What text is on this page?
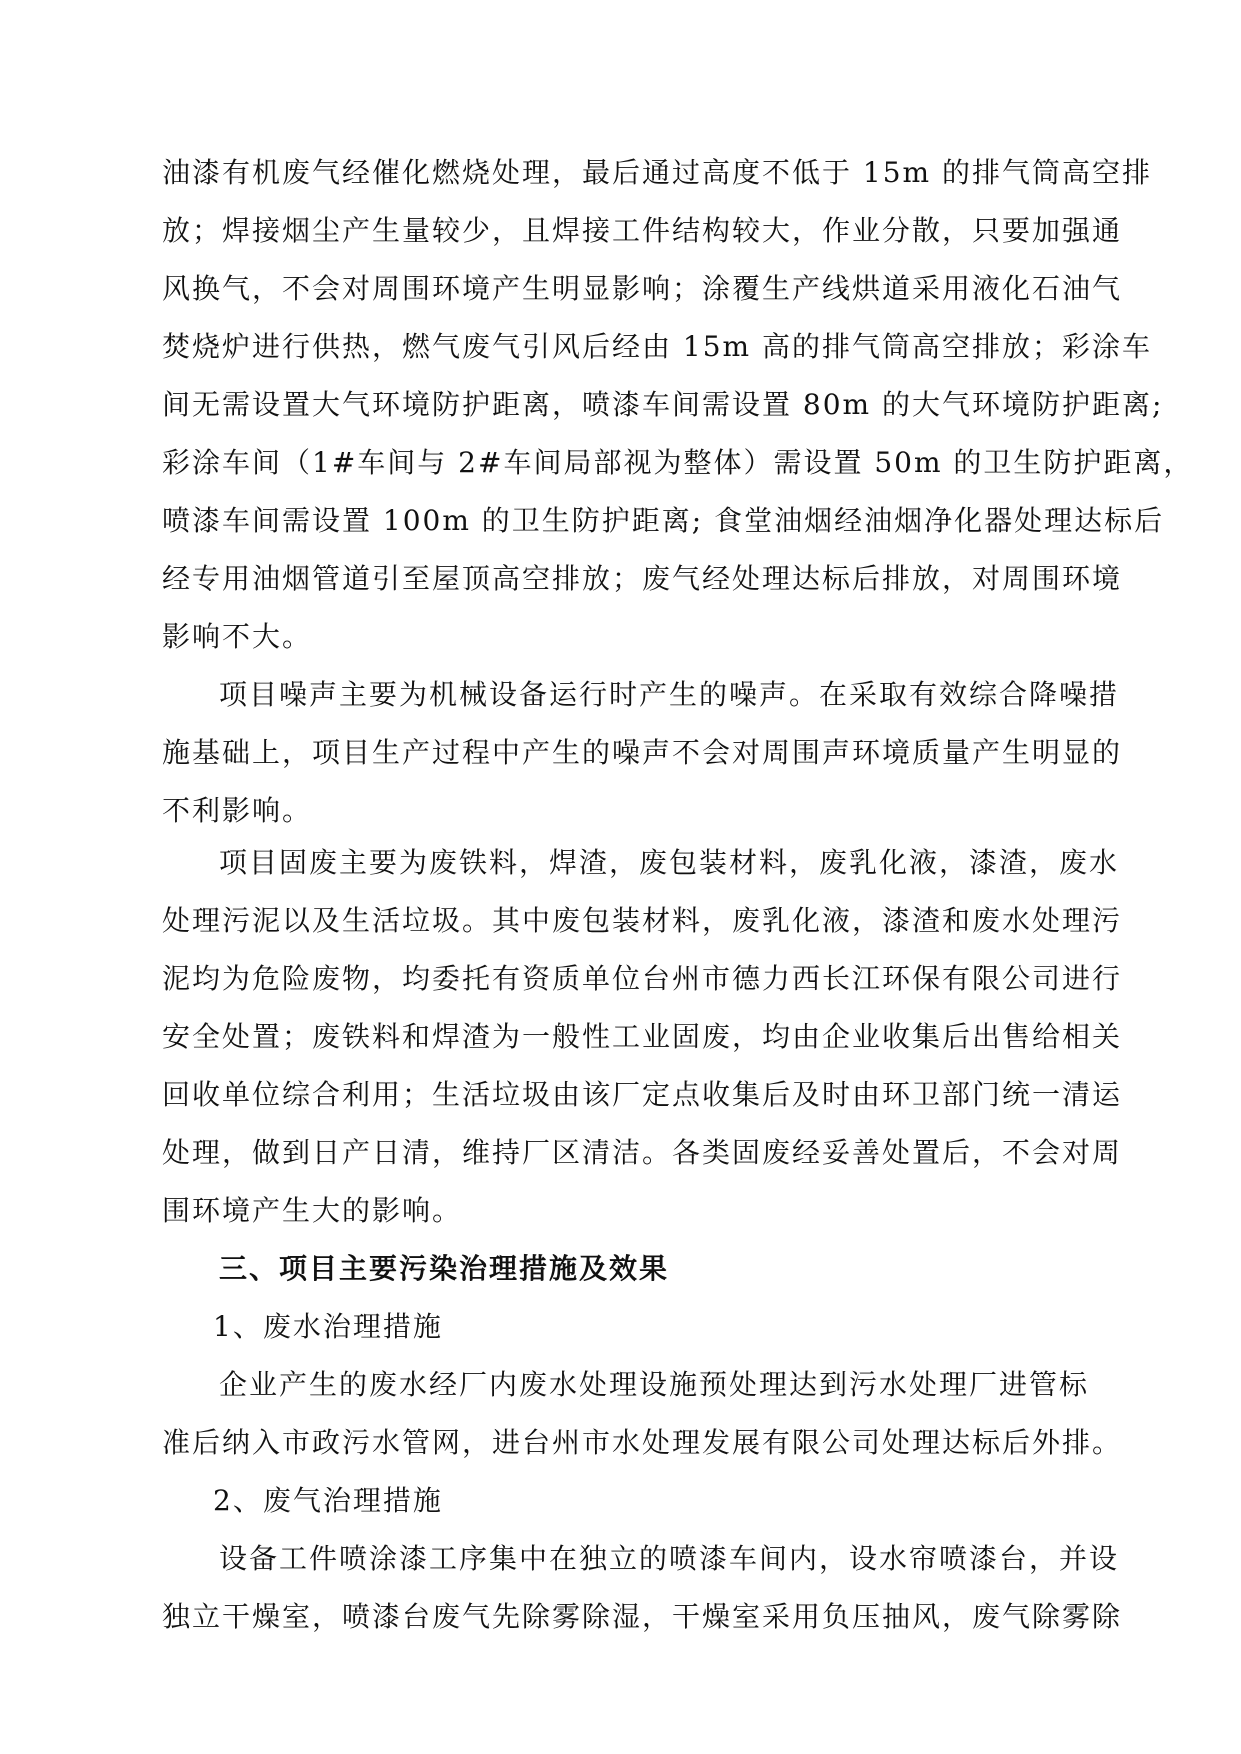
油漆有机废气经催化燃烧处理，最后通过高度不低于 15m 的排气筒高空排
放；焊接烟尘产生量较少，且焊接工件结构较大，作业分散，只要加强通
风换气，不会对周围环境产生明显影响；涂覆生产线烘道采用液化石油气
焚烧炉进行供热，燃气废气引风后经由 15m 高的排气筒高空排放；彩涂车
间无需设置大气环境防护距离，喷漆车间需设置 80m 的大气环境防护距离;
彩涂车间（1#车间与 2#车间局部视为整体）需设置 50m 的卫生防护距离，
喷漆车间需设置 100m 的卫生防护距离; 食堂油烟经油烟净化器处理达标后
经专用油烟管道引至屋顶高空排放；废气经处理达标后排放，对周围环境
影响不大。
项目噪声主要为机械设备运行时产生的噪声。在采取有效综合降噪措
施基础上，项目生产过程中产生的噪声不会对周围声环境质量产生明显的
不利影响。
项目固废主要为废铁料，焊渣，废包装材料，废乳化液，漆渣，废水
处理污泥以及生活垃圾。其中废包装材料，废乳化液，漆渣和废水处理污
泥均为危险废物，均委托有资质单位台州市德力西长江环保有限公司进行
安全处置；废铁料和焊渣为一般性工业固废，均由企业收集后出售给相关
回收单位综合利用；生活垃圾由该厂定点收集后及时由环卫部门统一清运
处理，做到日产日清，维持厂区清洁。各类固废经妥善处置后，不会对周
围环境产生大的影响。
三、项目主要污染治理措施及效果
1、废水治理措施
企业产生的废水经厂内废水处理设施预处理达到污水处理厂进管标
准后纳入市政污水管网，进台州市水处理发展有限公司处理达标后外排。
2、废气治理措施
设备工件喷涂漆工序集中在独立的喷漆车间内，设水帘喷漆台，并设
独立干燥室，喷漆台废气先除雾除湿，干燥室采用负压抽风，废气除雾除
